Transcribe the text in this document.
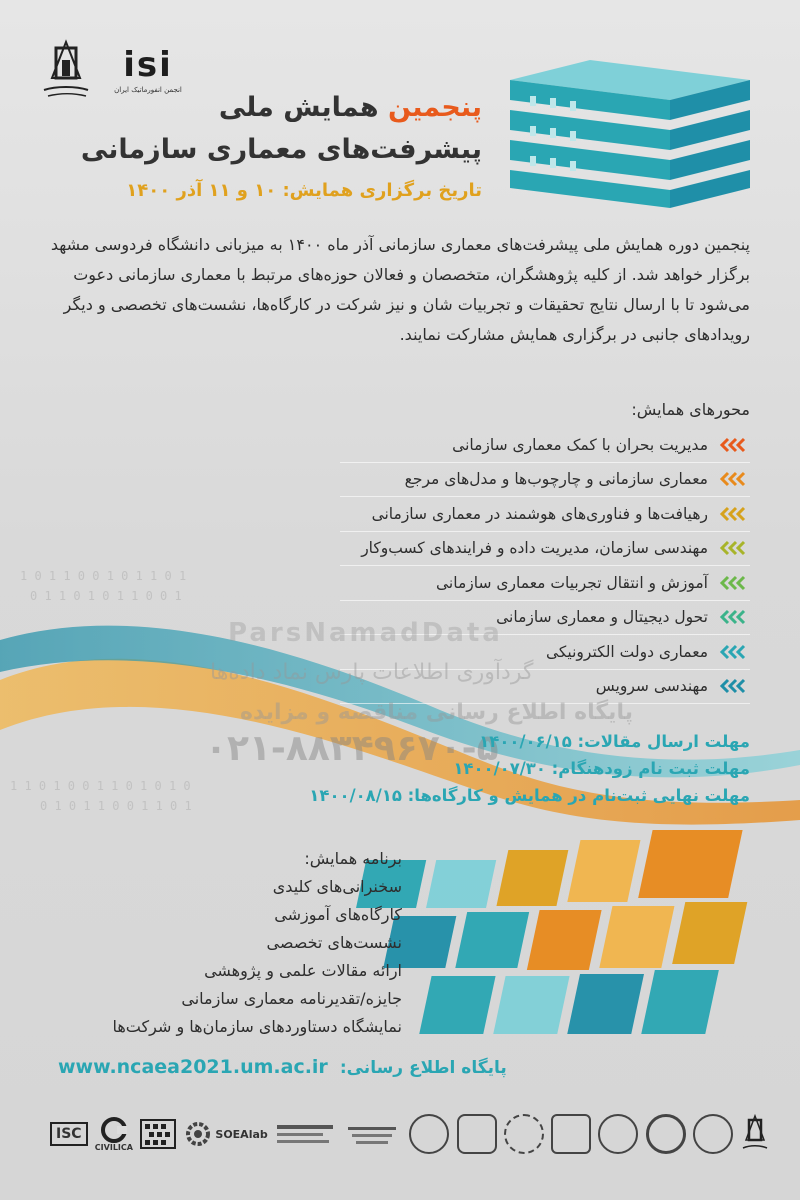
1 0 1 1 0 0 1 0 1 1 0 1
0 1 1 0 1 0 1 1 0 0 1
1 1 0 1 0 0 1 1 0 1 0 1 0
0 1 0 1 1 0 0 1 1 0 1
isi
انجمن انفورماتیک ایران
پنجمین همایش ملی
پیشرفت‌های معماری سازمانی
تاریخ برگزاری همایش: ۱۰ و ۱۱ آذر ۱۴۰۰

پنجمین دوره همایش ملی پیشرفت‌های معماری سازمانی آذر ماه ۱۴۰۰ به میزبانی دانشگاه فردوسی مشهد برگزار خواهد شد. از کلیه پژوهشگران، متخصصان و فعالان حوزه‌های مرتبط با معماری سازمانی دعوت می‌شود تا با ارسال نتایج تحقیقات و تجربیات شان و نیز شرکت در کارگاه‌ها، نشست‌های تخصصی و دیگر رویدادهای جانبی در برگزاری همایش مشارکت نمایند.

محورهای همایش:
مدیریت بحران با کمک معماری سازمانی
معماری سازمانی و چارچوب‌ها و مدل‌های مرجع
رهیافت‌ها و فناوری‌های هوشمند در معماری سازمانی
مهندسی سازمان، مدیریت داده و فرایندهای کسب‌وکار
آموزش و انتقال تجربیات معماری سازمانی
تحول دیجیتال و معماری سازمانی
معماری دولت الکترونیکی
مهندسی سرویس
ParsNamadData
گردآوری اطلاعات پارس نماد داده‌ها
پایگاه اطلاع رسانی مناقصه و مزایده
۰۲۱-۸۸۳۴۹۶۷۰-۵
مهلت ارسال مقالات: ۱۴۰۰/۰۶/۱۵
مهلت ثبت نام زودهنگام: ۱۴۰۰/۰۷/۳۰
مهلت نهایی ثبت‌نام در همایش و کارگاه‌ها: ۱۴۰۰/۰۸/۱۵
برنامه همایش:
سخنرانی‌های کلیدی
کارگاه‌های آموزشی
نشست‌های تخصصی
ارائه مقالات علمی و پژوهشی
جایزه/تقدیرنامه معماری سازمانی
نمایشگاه دستاورد‌های سازمان‌ها و شرکت‌ها
www.ncaea2021.um.ac.ir پایگاه اطلاع رسانی:
ISC
CIVILICA
SOEAlab
